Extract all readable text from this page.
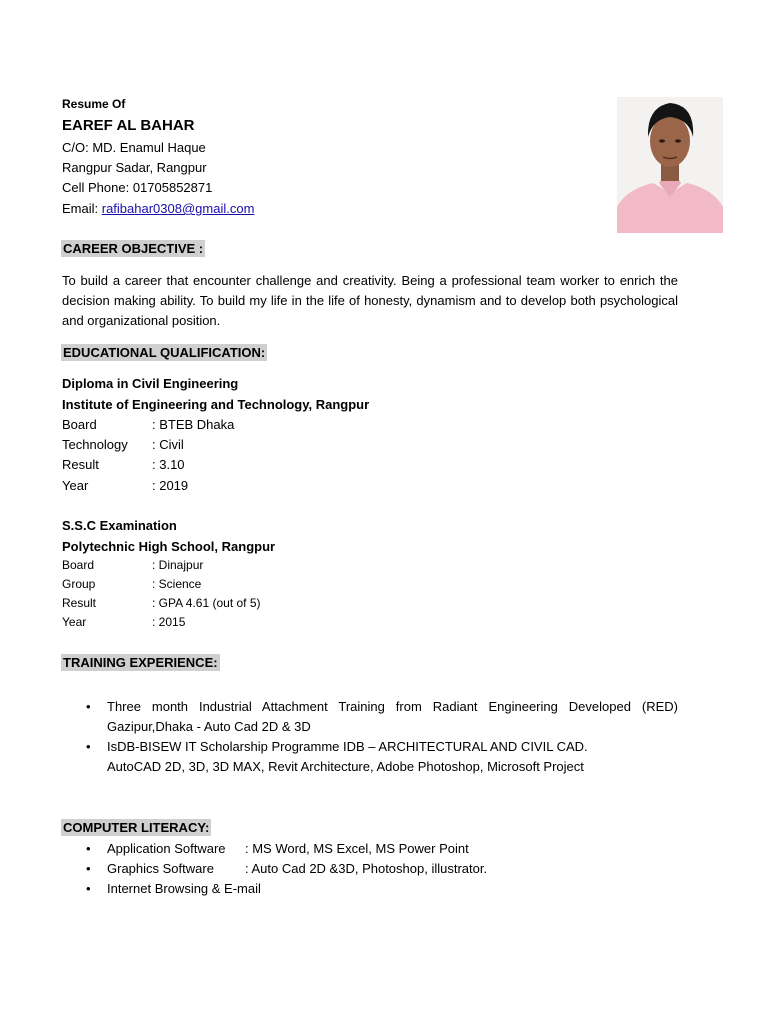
Resume Of
EAREF AL BAHAR
C/O: MD. Enamul Haque
Rangpur Sadar, Rangpur
Cell Phone: 01705852871
Email: rafibahar0308@gmail.com
CAREER OBJECTIVE :
To build a career that encounter challenge and creativity. Being a professional team worker to enrich the decision making ability. To build my life in the life of honesty, dynamism and to develop both psychological and organizational position.
EDUCATIONAL QUALIFICATION:
Diploma in Civil Engineering
Institute of Engineering and Technology, Rangpur
Board	: BTEB Dhaka
Technology : Civil
Result	: 3.10
Year	: 2019
S.S.C Examination
Polytechnic High School, Rangpur
Board	: Dinajpur
Group	: Science
Result	: GPA 4.61 (out of 5)
Year	: 2015
TRAINING EXPERIENCE:
• Three month Industrial Attachment Training from Radiant Engineering Developed (RED) Gazipur,Dhaka - Auto Cad 2D & 3D
• IsDB-BISEW IT Scholarship Programme IDB – ARCHITECTURAL AND CIVIL CAD.
AutoCAD 2D, 3D, 3D MAX, Revit Architecture, Adobe Photoshop, Microsoft Project
COMPUTER LITERACY:
• Application Software : MS Word, MS Excel, MS Power Point
• Graphics Software : Auto Cad 2D &3D, Photoshop, illustrator.
• Internet Browsing & E-mail
